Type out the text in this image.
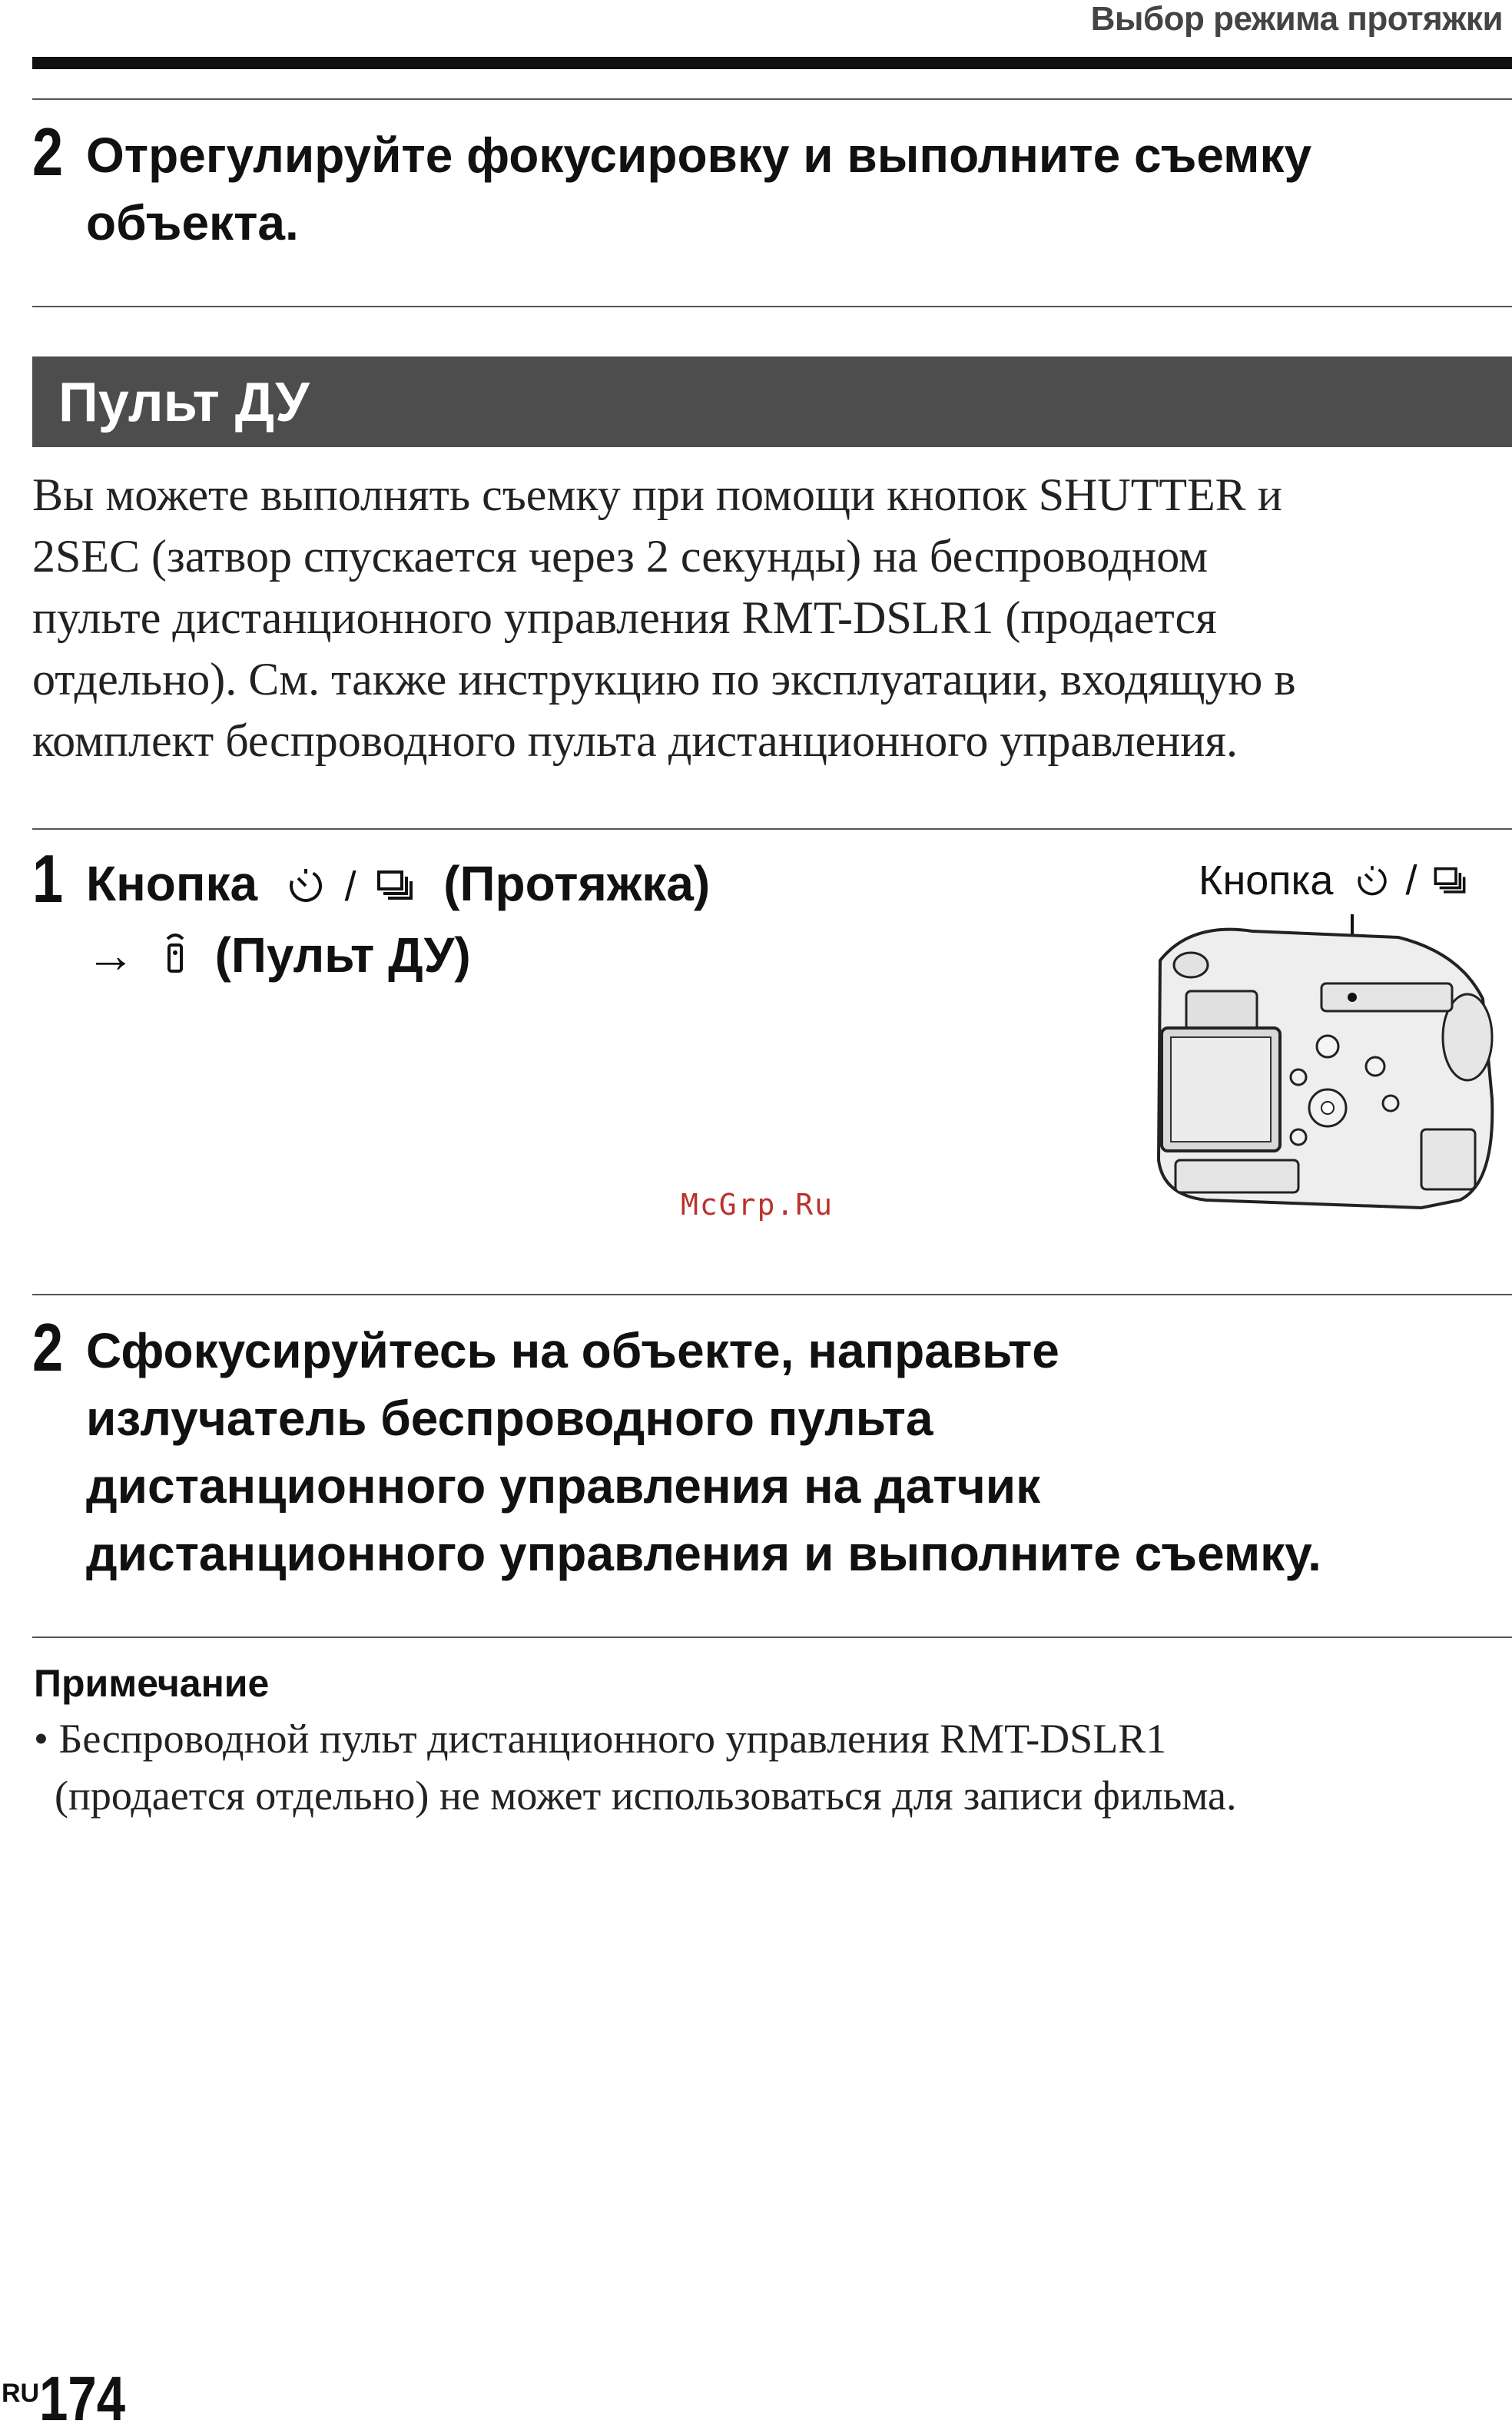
Выбор режима протяжки
2 Отрегулируйте фокусировку и выполните съемку
объекта.
Пульт ДУ
Вы можете выполнять съемку при помощи кнопок SHUTTER и
2SEC (затвор спускается через 2 секунды) на беспроводном
пульте дистанционного управления RMT-DSLR1 (продается
отдельно). См. также инструкцию по эксплуатации, входящую в
комплект беспроводного пульта дистанционного управления.
1 Кнопка / (Протяжка)
→ (Пульт ДУ)
Кнопка /
McGrp.Ru
2 Сфокусируйтесь на объекте, направьте
излучатель беспроводного пульта
дистанционного управления на датчик
дистанционного управления и выполните съемку.
Примечание
• Беспроводной пульт дистанционного управления RMT-DSLR1
(продается отдельно) не может использоваться для записи фильма.
RU174
